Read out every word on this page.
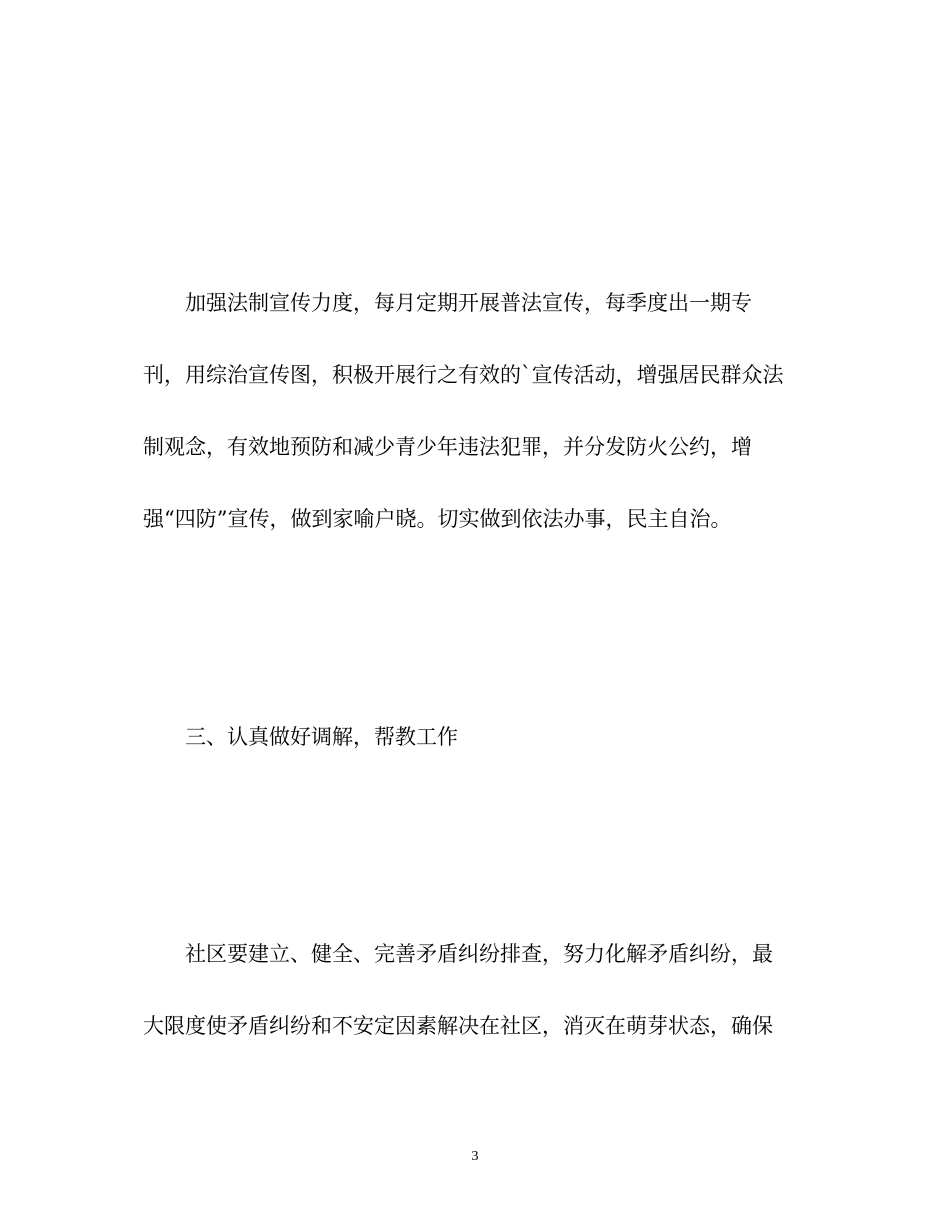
加强法制宣传力度，每月定期开展普法宣传，每季度出一期专
刊，用综治宣传图，积极开展行之有效的`宣传活动，增强居民群众法
制观念，有效地预防和减少青少年违法犯罪，并分发防火公约，增
强“四防”宣传，做到家喻户晓。切实做到依法办事，民主自治。
三、认真做好调解，帮教工作
社区要建立、健全、完善矛盾纠纷排查，努力化解矛盾纠纷，最
大限度使矛盾纠纷和不安定因素解决在社区，消灭在萌芽状态，确保
3
